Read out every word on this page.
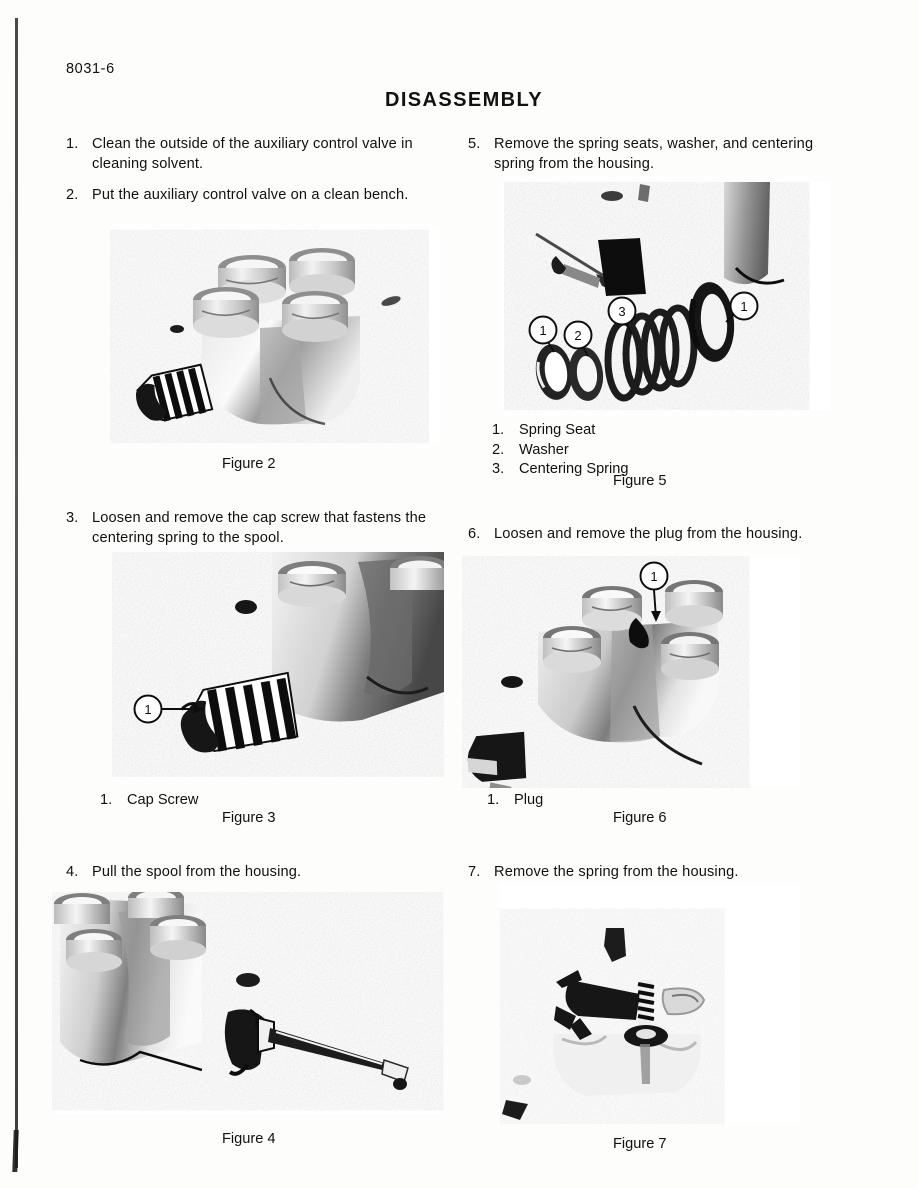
8031-6
DISASSEMBLY
1. Clean the outside of the auxiliary control valve in cleaning solvent.
2. Put the auxiliary control valve on a clean bench.
Figure 2
3. Loosen and remove the cap screw that fastens the centering spring to the spool.
1
1.	Cap Screw
Figure 3
4. Pull the spool from the housing.
Figure 4
5. Remove the spring seats, washer, and centering spring from the housing.
1 2
3	1
1.	Spring Seat
2.	Washer
3.	Centering Spring
Figure 5
6. Loosen and remove the plug from the housing.
1
1.	Plug
Figure 6
7. Remove the spring from the housing.
Figure 7
